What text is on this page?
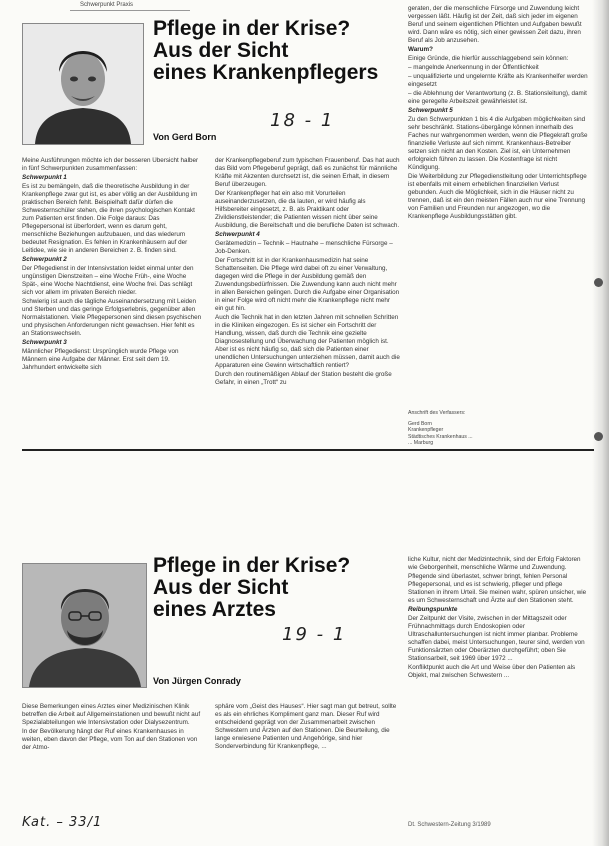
Schwerpunkt Praxis
Pflege in der Krise?
Aus der Sicht
eines Krankenpflegers
18 - 1
Von Gerd Born

Meine Ausführungen möchte ich der besseren Übersicht halber in fünf Schwerpunkten zusammenfassen:

Schwerpunkt 1

Es ist zu bemängeln, daß die theoretische Ausbildung in der Krankenpflege zwar gut ist, es aber völlig an der Ausbildung im praktischen Bereich fehlt. Beispielhaft dafür dürfen die Schwesternschüler stehen, die ihren psychologischen Kontakt zum Patienten erst finden. Die Folge daraus: Das Pflegepersonal ist überfordert, wenn es darum geht, menschliche Beziehungen aufzubauen, und das wiederum bedeutet Resignation. Es fehlen in Krankenhäusern auf der Leitidee, wie sie in anderen Bereichen z. B. finden sind.

Schwerpunkt 2

Der Pflegedienst in der Intensivstation leidet einmal unter den ungünstigen Dienstzeiten – eine Woche Früh-, eine Woche Spät-, eine Woche Nachtdienst, eine Woche frei. Das schlägt sich vor allem im privaten Bereich nieder.

Schwierig ist auch die tägliche Auseinandersetzung mit Leiden und Sterben und das geringe Erfolgserlebnis, gegenüber allen Normalstationen. Viele Pflegepersonen sind diesen psychischen und physischen Anforderungen nicht gewachsen. Hier fehlt es an Stationswechseln.

Schwerpunkt 3

Männlicher Pflegedienst: Ursprünglich wurde Pflege von Männern eine Aufgabe der Männer. Erst seit dem 19. Jahrhundert entwickelte sich

der Krankenpflegeberuf zum typischen Frauenberuf. Das hat auch das Bild vom Pflegeberuf geprägt, daß es zunächst für männliche Kräfte mit Akzenten durchsetzt ist, die seinen Erhalt, in diesem Beruf überzeugen.

Der Krankenpfleger hat ein also mit Vorurteilen auseinanderzusetzen, die da lauten, er wird häufig als Hilfsbereiter eingesetzt, z. B. als Praktikant oder Zivildienstleistender; die Patienten wissen nicht über seine Ausbildung, die Bereitschaft und die berufliche Daten ist schwach.

Schwerpunkt 4

Gerätemedizin – Technik – Hautnahe – menschliche Fürsorge – Job-Denken.

Der Fortschritt ist in der Krankenhausmedizin hat seine Schattenseiten. Die Pflege wird dabei oft zu einer Verwaltung, dagegen wird die Pflege in der Ausbildung gemäß den Zuwendungsbedürfnissen. Die Zuwendung kann auch nicht mehr in allen Bereichen gelingen. Durch die Aufgabe einer Organisation in einer Folge wird oft nicht mehr die Krankenpflege nicht mehr ein gut hin.

Auch die Technik hat in den letzten Jahren mit schnellen Schritten in die Kliniken eingezogen. Es ist sicher ein Fortschritt der Handlung, wissen, daß durch die Technik eine gezielte Diagnosestellung und Überwachung der Patienten möglich ist. Aber ist es nicht häufig so, daß sich die Patienten einer unendlichen Untersuchungen unterziehen müssen, damit auch die Apparaturen eine Gewinn wirtschaftlich rentiert?

Durch den routinemäßigen Ablauf der Station besteht die große Gefahr, in einen „Trott“ zu

geraten, der die menschliche Fürsorge und Zuwendung leicht vergessen läßt. Häufig ist der Zeit, daß sich jeder im eigenen Beruf und seinem eigentlichen Pflichten und Aufgaben bewußt wird. Dann wäre es nötig, sich einer gewissen Zeit dazu, ihren Beruf als Job anzusehen.

Warum?

Einige Gründe, die hierfür ausschlaggebend sein können:

– mangelnde Anerkennung in der Öffentlichkeit

– unqualifizierte und ungelernte Kräfte als Krankenhelfer werden eingesetzt

– die Ablehnung der Verantwortung (z. B. Stationsleitung), damit eine geregelte Arbeitszeit gewährleistet ist.

Schwerpunkt 5

Zu den Schwerpunkten 1 bis 4 die Aufgaben möglichkeiten sind sehr beschränkt. Stations-übergänge können innerhalb des Faches nur wahrgenommen werden, wenn die Pflegekraft große finanzielle Verluste auf sich nimmt. Krankenhaus-Betreiber setzen sich nicht an den Kosten. Ziel ist, ein Unternehmen erfolgreich führen zu lassen. Die Kostenfrage ist nicht Kündigung.

Die Weiterbildung zur Pflegedienstleitung oder Unterrichtspflege ist ebenfalls mit einem erheblichen finanziellen Verlust gebunden. Auch die Möglichkeit, sich in die Häuser nicht zu trennen, daß ist ein den meisten Fällen auch nur eine Trennung von Familien und Freunden nur angezogen, wo die Krankenpflege Ausbildungsstätten gibt.

Anschrift des Verfassers:
Gerd Born
Krankenpfleger
Städtisches Krankenhaus ...
... Marburg
Pflege in der Krise?
Aus der Sicht
eines Arztes
19 - 1
Von Jürgen Conrady

Diese Bemerkungen eines Arztes einer Medizinischen Klinik betreffen die Arbeit auf Allgemeinstationen und bewußt nicht auf Spezialabteilungen wie Intensivstation oder Dialysezentrum.

In der Bevölkerung hängt der Ruf eines Krankenhauses in weiten, eben davon der Pflege, vom Ton auf den Stationen von der Atmo-

sphäre vom „Geist des Hauses“. Hier sagt man gut betreut, sollte es als ein ehrliches Kompliment ganz man. Dieser Ruf wird entscheidend geprägt von der Zusammenarbeit zwischen Schwestern und Ärzten auf den Stationen. Die Beurteilung, die lange erwiesene Patienten und Angehörige, sind hier Sonderverbindung für Krankenpflege, ...

liche Kultur, nicht der Medizintechnik, sind der Erfolg Faktoren wie Geborgenheit, menschliche Wärme und Zuwendung.

Pflegende sind überlastet, schwer bringt, fehlen Personal Pflegepersonal, und es ist schwierig, pfleger und pflege Stationen in ihrem Urteil. Sie meinen wahr, spüren unsicher, wie es um Schwesternschaft und Ärzte auf den Stationen steht.

Reibungspunkte

Der Zeitpunkt der Visite, zwischen in der Mittagszeit oder Frühnachmittags durch Endoskopien oder Ultraschalluntersuchungen ist nicht immer planbar. Probleme schaffen dabei, meist Untersuchungen, teurer sind, werden von Funktionsärzten oder Oberärzten durchgeführt; oben Sie Stationsarbeit, seit 1969 über 1972 ...

Konfliktpunkt auch die Art und Weise über den Patienten als Objekt, mal zwischen Schwestern ...

Kat. – 33/1	Dt. Schwestern-Zeitung 3/1989
